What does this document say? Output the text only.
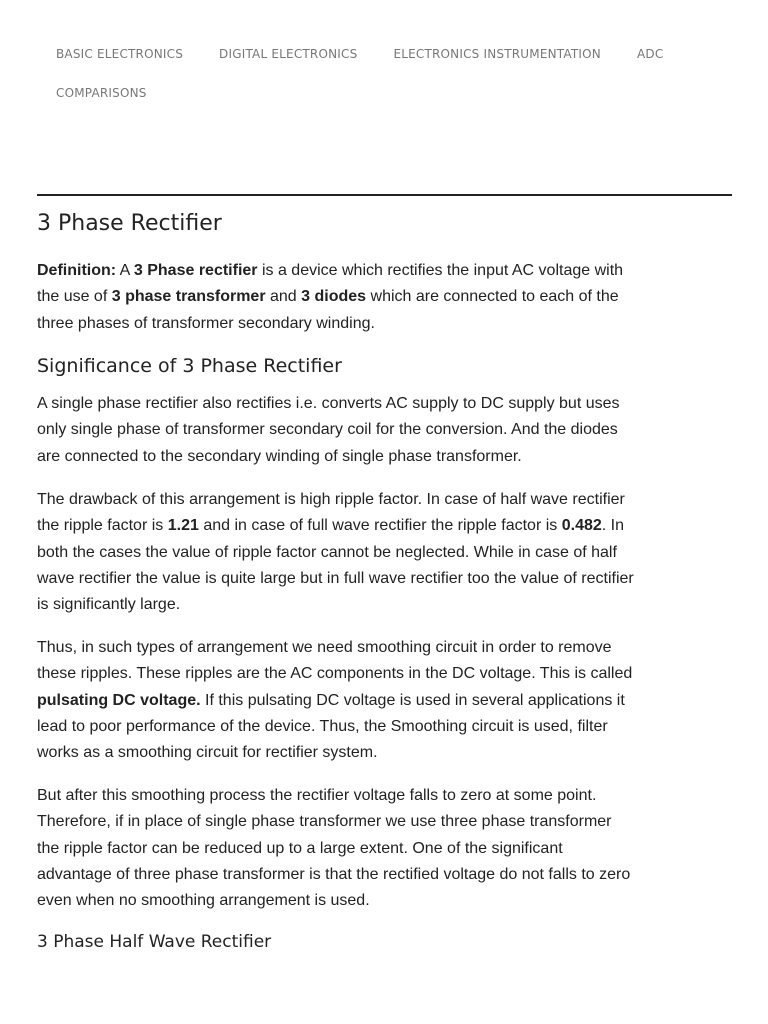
BASIC ELECTRONICS	DIGITAL ELECTRONICS	ELECTRONICS INSTRUMENTATION	ADC
COMPARISONS
3 Phase Rectifier

Definition: A 3 Phase rectifier is a device which rectifies the input AC voltage with the use of 3 phase transformer and 3 diodes which are connected to each of the three phases of transformer secondary winding.

Significance of 3 Phase Rectifier

A single phase rectifier also rectifies i.e. converts AC supply to DC supply but uses only single phase of transformer secondary coil for the conversion. And the diodes are connected to the secondary winding of single phase transformer.

The drawback of this arrangement is high ripple factor. In case of half wave rectifier the ripple factor is 1.21 and in case of full wave rectifier the ripple factor is 0.482. In both the cases the value of ripple factor cannot be neglected. While in case of half wave rectifier the value is quite large but in full wave rectifier too the value of rectifier is significantly large.

Thus, in such types of arrangement we need smoothing circuit in order to remove these ripples. These ripples are the AC components in the DC voltage. This is called pulsating DC voltage. If this pulsating DC voltage is used in several applications it lead to poor performance of the device. Thus, the Smoothing circuit is used, filter works as a smoothing circuit for rectifier system.

But after this smoothing process the rectifier voltage falls to zero at some point. Therefore, if in place of single phase transformer we use three phase transformer the ripple factor can be reduced up to a large extent. One of the significant advantage of three phase transformer is that the rectified voltage do not falls to zero even when no smoothing arrangement is used.

3 Phase Half Wave Rectifier
